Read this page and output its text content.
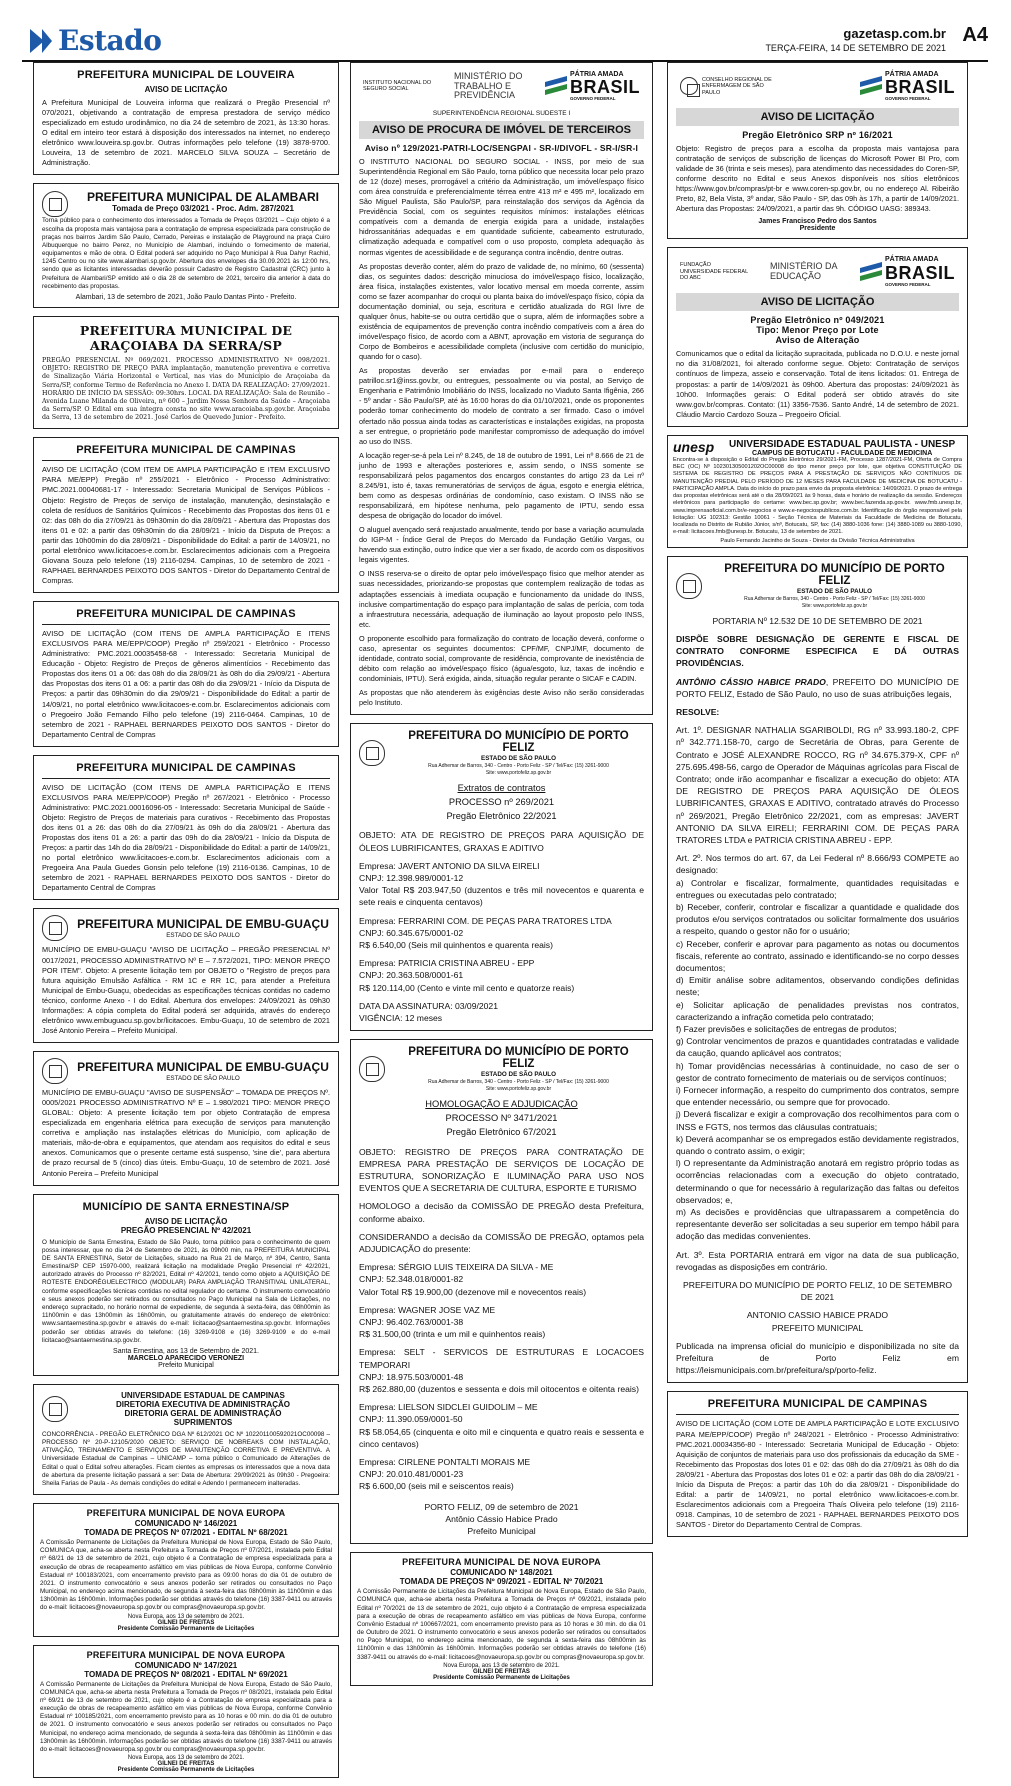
Estado	gazetasp.com.br
TERÇA-FEIRA, 14 DE SETEMBRO DE 2021
A4
PREFEITURA MUNICIPAL DE LOUVEIRA
AVISO DE LICITAÇÃO
A Prefeitura Municipal de Louveira informa que realizará o Pregão Presencial nº 070/2021, objetivando a contratação de empresa prestadora de serviço médico especializado em estudo urodinâmico, no dia 24 de setembro de 2021, às 13:30 horas. O edital em inteiro teor estará à disposição dos interessados na internet, no endereço eletrônico www.louveira.sp.gov.br. Outras informações pelo telefone (19) 3878-9700. Louveira, 13 de setembro de 2021. MARCELO SILVA SOUZA – Secretário de Administração.
PREFEITURA MUNICIPAL DE ALAMBARI
Tomada de Preço 03/2021 - Proc. Adm. 287/2021
Torna público para o conhecimento dos interessados a Tomada de Preços 03/2021 – Cujo objeto é a escolha da proposta mais vantajosa para a contratação de empresa especializada para construção de praças nos bairros Jardim São Paulo, Cerrado, Pereiras e instalação de Playground na praça Cuiro Albuquerque no bairro Perez, no Município de Alambari, incluindo o fornecimento de material, equipamentos e mão de obra. O Edital poderá ser adquirido no Paço Municipal à Rua Dahyr Rachid, 1245 Centro ou no site www.alambari.sp.gov.br. Abertura dos envelopes dia 30.09.2021 às 12:00 hrs, sendo que as licitantes interessadas deverão possuir Cadastro de Registro Cadastral (CRC) junto à Prefeitura de Alambari/SP emitido até o dia 28 de setembro de 2021, terceiro dia anterior à data do recebimento das propostas.
Alambari, 13 de setembro de 2021, João Paulo Dantas Pinto - Prefeito.
PREFEITURA MUNICIPAL DE ARAÇOIABA DA SERRA/SP
PREGÃO PRESENCIAL Nº 069/2021. PROCESSO ADMINISTRATIVO Nº 098/2021. OBJETO: REGISTRO DE PREÇO PARA implantação, manutenção preventiva e corretiva de Sinalização Viária Horizontal e Vertical, nas vias do Município de Araçoiaba da Serra/SP, conforme Termo de Referência no Anexo I. DATA DA REALIZAÇÃO: 27/09/2021. HORÁRIO DE INÍCIO DA SESSÃO: 09:30hrs. LOCAL DA REALIZAÇÃO: Sala de Reunião – Avenida Luane Milanda de Oliveira, nº 600 – Jardim Nossa Senhora da Saúde – Araçoiaba da Serra/SP. O Edital em sua íntegra consta no site www.aracoiaba.sp.gov.br. Araçoiaba da Serra, 13 de setembro de 2021. José Carlos de Quevedo Junior - Prefeito.
PREFEITURA MUNICIPAL DE CAMPINAS
AVISO DE LICITAÇÃO (COM ITEM DE AMPLA PARTICIPAÇÃO E ITEM EXCLUSIVO PARA ME/EPP) Pregão nº 255/2021 - Eletrônico - Processo Administrativo: PMC.2021.00040681-17 - Interessado: Secretaria Municipal de Serviços Públicos - Objeto: Registro de Preços de serviço de instalação, manutenção, desinstalação e coleta de resíduos de Sanitários Químicos - Recebimento das Propostas dos itens 01 e 02: das 08h do dia 27/09/21 às 09h30min do dia 28/09/21 - Abertura das Propostas dos itens 01 e 02: a partir das 09h30min do dia 28/09/21 - Início da Disputa de Preços: a partir das 10h00min do dia 28/09/21 - Disponibilidade do Edital: a partir de 14/09/21, no portal eletrônico www.licitacoes-e.com.br. Esclarecimentos adicionais com a Pregoeira Giovana Souza pelo telefone (19) 2116-0294. Campinas, 10 de setembro de 2021 - RAPHAEL BERNARDES PEIXOTO DOS SANTOS - Diretor do Departamento Central de Compras.
PREFEITURA MUNICIPAL DE CAMPINAS
AVISO DE LICITAÇÃO (COM ITENS DE AMPLA PARTICIPAÇÃO E ITENS EXCLUSIVOS PARA ME/EPP/COOP) Pregão nº 259/2021 - Eletrônico - Processo Administrativo: PMC.2021.00035458-68 - Interessado: Secretaria Municipal de Educação - Objeto: Registro de Preços de gêneros alimentícios - Recebimento das Propostas dos itens 01 a 06: das 08h do dia 28/09/21 às 08h do dia 29/09/21 - Abertura das Propostas dos itens 01 a 06: a partir das 08h do dia 29/09/21 - Início da Disputa de Preços: a partir das 09h30min do dia 29/09/21 - Disponibilidade do Edital: a partir de 14/09/21, no portal eletrônico www.licitacoes-e.com.br. Esclarecimentos adicionais com o Pregoeiro João Fernando Filho pelo telefone (19) 2116-0464. Campinas, 10 de setembro de 2021 - RAPHAEL BERNARDES PEIXOTO DOS SANTOS - Diretor do Departamento Central de Compras
PREFEITURA MUNICIPAL DE CAMPINAS
AVISO DE LICITAÇÃO (COM ITENS DE AMPLA PARTICIPAÇÃO E ITENS EXCLUSIVOS PARA ME/EPP/COOP) Pregão nº 267/2021 - Eletrônico - Processo Administrativo: PMC.2021.00016096-05 - Interessado: Secretaria Municipal de Saúde - Objeto: Registro de Preços de materiais para curativos - Recebimento das Propostas dos itens 01 a 26: das 08h do dia 27/09/21 às 09h do dia 28/09/21 - Abertura das Propostas dos itens 01 a 26: a partir das 09h do dia 28/09/21 - Início da Disputa de Preços: a partir das 14h do dia 28/09/21 - Disponibilidade do Edital: a partir de 14/09/21, no portal eletrônico www.licitacoes-e.com.br. Esclarecimentos adicionais com a Pregoeira Ana Paula Guedes Gonsin pelo telefone (19) 2116-0136. Campinas, 10 de setembro de 2021 - RAPHAEL BERNARDES PEIXOTO DOS SANTOS - Diretor do Departamento Central de Compras
PREFEITURA MUNICIPAL DE EMBU-GUAÇU
ESTADO DE SÃO PAULO
MUNICÍPIO DE EMBU-GUAÇU "AVISO DE LICITAÇÃO – PREGÃO PRESENCIAL Nº 0017/2021, PROCESSO ADMINISTRATIVO Nº E – 7.572/2021, TIPO: MENOR PREÇO POR ITEM". Objeto: A presente licitação tem por OBJETO o "Registro de preços para futura aquisição Emulsão Asfáltica - RM 1C e RR 1C, para atender a Prefeitura Municipal de Embu-Guaçu, obedecidas as especificações técnicas contidas no caderno técnico, conforme Anexo - I do Edital. Abertura dos envelopes: 24/09/2021 às 09h30 Informações: A cópia completa do Edital poderá ser adquirida, através do endereço eletrônico www.embuguacu.sp.gov.br/licitacoes. Embu-Guaçu, 10 de setembro de 2021 José Antonio Pereira – Prefeito Municipal.
PREFEITURA MUNICIPAL DE EMBU-GUAÇU
ESTADO DE SÃO PAULO
MUNICÍPIO DE EMBU-GUAÇU "AVISO DE SUSPENSÃO" – TOMADA DE PREÇOS Nº. 0005/2021 PROCESSO ADMINISTRATIVO Nº E – 1.980/2021 TIPO: MENOR PREÇO GLOBAL: Objeto: A presente licitação tem por objeto Contratação de empresa especializada em engenharia elétrica para execução de serviços para manutenção corretiva e ampliação nas instalações elétricas do Município, com aplicação de materiais, mão-de-obra e equipamentos, que atendam aos requisitos do edital e seus anexos. Comunicamos que o presente certame está suspenso, 'sine die', para abertura de prazo recursal de 5 (cinco) dias úteis. Embu-Guaçu, 10 de setembro de 2021. José Antonio Pereira – Prefeito Municipal
MUNICÍPIO DE SANTA ERNESTINA/SP
AVISO DE LICITAÇÃO
PREGÃO PRESENCIAL Nº 42/2021
O Município de Santa Ernestina, Estado de São Paulo, torna público para o conhecimento de quem possa interessar, que no dia 24 de Setembro de 2021, às 09h00 min, na PREFEITURA MUNICIPAL DE SANTA ERNESTINA, Setor de Licitações, situado na Rua 21 de Março, nº 394, Centro, Santa Ernestina/SP CEP 15970-000, realizará licitação na modalidade Pregão Presencial nº 42/2021, autorizado através do Processo nº 82/2021, Edital nº 42/2021, tendo como objeto a AQUISIÇÃO DE ROTESTE ENDORÉGUELECTRICO (MODULAR) PARA AMPLIAÇÃO TRANSITIVAL UNILATERAL, conforme especificações técnicas contidas no edital regulador do certame. O instrumento convocatório e seus anexos poderão ser retirados ou consultados no Paço Municipal na Sala de Licitações, no endereço supracitado, no horário normal de expediente, de segunda à sexta-feira, das 08h00min às 11h00min e das 13h00min às 16h00min, ou gratuitamente através do endereço de eletrônico: www.santaernestina.sp.gov.br e através do e-mail: licitacao@santaernestina.sp.gov.br. Informações poderão ser obtidas através do telefone: (16) 3269-9108 e (16) 3269-9109 e do e-mail licitacao@santaernestina.sp.gov.br.
Santa Ernestina, aos 13 de Setembro de 2021.
MARCELO APARECIDO VERONEZI
Prefeito Municipal
UNIVERSIDADE ESTADUAL DE CAMPINAS
DIRETORIA EXECUTIVA DE ADMINISTRAÇÃO
DIRETORIA GERAL DE ADMINISTRAÇÃO
SUPRIMENTOS
CONCORRÊNCIA - PREGÃO ELETRÔNICO DGA Nº 612/2021 OC Nº 102201100592021OC00098 – PROCESSO Nº 20-P-12105/2020 OBJETO: SERVIÇO DE NOBREAKS COM INSTALAÇÃO, ATIVAÇÃO, TREINAMENTO E SERVIÇOS DE MANUTENÇÃO CORRETIVA E PREVENTIVA. A Universidade Estadual de Campinas – UNICAMP – torna público o Comunicado de Alterações de Edital o qual o Edital sofreu alterações. Ficam cientes as empresas os interessados que a nova data de abertura da presente licitação passará a ser: Data de Abertura: 29/09/2021 às 09h30 - Pregoeira: Sheila Farias de Paula - As demais condições do edital e Adendo I permanecem inalteradas.
PREFEITURA MUNICIPAL DE NOVA EUROPA
COMUNICADO Nº 146/2021
TOMADA DE PREÇOS Nº 07/2021 - EDITAL Nº 68/2021
A Comissão Permanente de Licitações da Prefeitura Municipal de Nova Europa, Estado de São Paulo, COMUNICA que, acha-se aberta nesta Prefeitura a Tomada de Preços nº 07/2021, instalada pelo Edital nº 68/21 de 13 de setembro de 2021, cujo objeto é a Contratação de empresa especializada para a execução de obras de recapeamento asfáltico em vias públicas de Nova Europa, conforme Convênio Estadual nº 100183/2021, com encerramento previsto para as 09:00 horas do dia 01 de outubro de 2021. O instrumento convocatório e seus anexos poderão ser retirados ou consultados no Paço Municipal, no endereço acima mencionado, de segunda à sexta-feira das 08h00min às 11h00min e das 13h00min às 16h00min. Informações poderão ser obtidas através do telefone (16) 3387-9411 ou através do e-mail: licitacoes@novaeuropa.sp.gov.br ou compras@novaeuropa.sp.gov.br.
Nova Europa, aos 13 de setembro de 2021.
GILNEI DE FREITAS
Presidente Comissão Permanente de Licitações
PREFEITURA MUNICIPAL DE NOVA EUROPA
COMUNICADO Nº 147/2021
TOMADA DE PREÇOS Nº 08/2021 - EDITAL Nº 69/2021
A Comissão Permanente de Licitações da Prefeitura Municipal de Nova Europa, Estado de São Paulo, COMUNICA que, acha-se aberta nesta Prefeitura a Tomada de Preços nº 08/2021, instalada pelo Edital nº 69/21 de 13 de setembro de 2021, cujo objeto é a Contratação de empresa especializada para a execução de obras de recapeamento asfáltico em vias públicas de Nova Europa, conforme Convênio Estadual nº 100185/2021, com encerramento previsto para as 10 horas e 00 min. do dia 01 de outubro de 2021. O instrumento convocatório e seus anexos poderão ser retirados ou consultados no Paço Municipal, no endereço acima mencionado, de segunda à sexta-feira das 08h00min às 11h00min e das 13h00min às 16h00min. Informações poderão ser obtidas através do telefone (16) 3387-9411 ou através do e-mail: licitacoes@novaeuropa.sp.gov.br ou compras@novaeuropa.sp.gov.br.
Nova Europa, aos 13 de setembro de 2021.
GILNEI DE FREITAS
Presidente Comissão Permanente de Licitações
INSTITUTO NACIONAL DO SEGURO SOCIAL
MINISTÉRIO DO TRABALHO E PREVIDÊNCIA
PÁTRIA AMADA
BRASIL
GOVERNO FEDERAL
SUPERINTENDÊNCIA REGIONAL SUDESTE I
AVISO DE PROCURA DE IMÓVEL DE TERCEIROS
Aviso nº 129/2021-PATRI-LOC/SENGPAI - SR-I/DIVOFL - SR-I/SR-I
O INSTITUTO NACIONAL DO SEGURO SOCIAL - INSS, por meio de sua Superintendência Regional em São Paulo, torna público que necessita locar pelo prazo de 12 (doze) meses, prorrogável a critério da Administração, um imóvel/espaço físico com área construída e preferencialmente térrea entre 413 m² e 495 m², localizado em São Miguel Paulista, São Paulo/SP, para reinstalação dos serviços da Agência da Previdência Social, com os seguintes requisitos mínimos: instalações elétricas compatíveis com a demanda de energia exigida para a unidade, instalações hidrossanitárias adequadas e em quantidade suficiente, cabeamento estruturado, climatização adequada e compatível com o uso proposto, completa adequação às normas vigentes de acessibilidade e de segurança contra incêndio, dentre outras.
As propostas deverão conter, além do prazo de validade de, no mínimo, 60 (sessenta) dias, os seguintes dados: descrição minuciosa do imóvel/espaço físico, localização, área física, instalações existentes, valor locativo mensal em moeda corrente, assim como se fazer acompanhar do croqui ou planta baixa do imóvel/espaço físico, cópia da documentação dominial, ou seja, escritura e certidão atualizada do RGI livre de qualquer ônus, habite-se ou outra certidão que o supra, além de informações sobre a existência de equipamentos de prevenção contra incêndio compatíveis com a área do imóvel/espaço físico, de acordo com a ABNT, aprovação em vistoria de segurança do Corpo de Bombeiros e acessibilidade completa (inclusive com certidão do município, quando for o caso).
As propostas deverão ser enviadas por e-mail para o endereço patrilloc.sr1@inss.gov.br, ou entregues, pessoalmente ou via postal, ao Serviço de Engenharia e Patrimônio Imobiliário do INSS, localizado no Viaduto Santa Ifigênia, 266 - 5º andar - São Paulo/SP, até às 16:00 horas do dia 01/10/2021, onde os proponentes poderão tomar conhecimento do modelo de contrato a ser firmado. Caso o imóvel ofertado não possua ainda todas as características e instalações exigidas, na proposta a ser entregue, o proprietário pode manifestar compromisso de adequação do imóvel ao uso do INSS.
A locação reger-se-á pela Lei nº 8.245, de 18 de outubro de 1991, Lei nº 8.666 de 21 de junho de 1993 e alterações posteriores e, assim sendo, o INSS somente se responsabilizará pelos pagamentos dos encargos constantes do artigo 23 da Lei nº 8.245/91, isto é, taxas remuneratórias de serviços de água, esgoto e energia elétrica, bem como as despesas ordinárias de condomínio, caso existam. O INSS não se responsabilizará, em hipótese nenhuma, pelo pagamento de IPTU, sendo essa despesa de obrigação do locador do imóvel.
O aluguel avençado será reajustado anualmente, tendo por base a variação acumulada do IGP-M - Índice Geral de Preços do Mercado da Fundação Getúlio Vargas, ou havendo sua extinção, outro índice que vier a ser fixado, de acordo com os dispositivos legais vigentes.
O INSS reserva-se o direito de optar pelo imóvel/espaço físico que melhor atender as suas necessidades, priorizando-se propostas que contemplem realização de todas as adaptações essenciais à imediata ocupação e funcionamento da unidade do INSS, inclusive compartimentação do espaço para implantação de salas de perícia, com toda a infraestrutura necessária, adequação de iluminação ao layout proposto pelo INSS, etc.
O proponente escolhido para formalização do contrato de locação deverá, conforme o caso, apresentar os seguintes documentos: CPF/MF, CNPJ/MF, documento de identidade, contrato social, comprovante de residência, comprovante de inexistência de débito com relação ao imóvel/espaço físico (água/esgoto, luz, taxas de incêndio e condominiais, IPTU). Será exigida, ainda, situação regular perante o SICAF e CADIN.
As propostas que não atenderem às exigências deste Aviso não serão consideradas pelo Instituto.
PREFEITURA DO MUNICÍPIO DE PORTO FELIZ
ESTADO DE SÃO PAULO
Rua Adhemar de Barros, 340 - Centro - Porto Feliz - SP / Tel/Fax: (15) 3261-9000
Site: www.portofeliz.sp.gov.br
Extratos de contratos
PROCESSO nº 269/2021
Pregão Eletrônico 22/2021
OBJETO: ATA DE REGISTRO DE PREÇOS PARA AQUISIÇÃO DE ÓLEOS LUBRIFICANTES, GRAXAS E ADITIVO
Empresa: JAVERT ANTONIO DA SILVA EIRELI
CNPJ: 12.398.989/0001-12
Valor Total R$ 203.947,50 (duzentos e três mil novecentos e quarenta e sete reais e cinquenta centavos)
Empresa: FERRARINI COM. DE PEÇAS PARA TRATORES LTDA
CNPJ: 60.345.675/0001-02
R$ 6.540,00 (Seis mil quinhentos e quarenta reais)
Empresa: PATRICIA CRISTINA ABREU - EPP
CNPJ: 20.363.508/0001-61
R$ 120.114,00 (Cento e vinte mil cento e quatorze reais)
DATA DA ASSINATURA: 03/09/2021
VIGÊNCIA: 12 meses
PREFEITURA DO MUNICÍPIO DE PORTO FELIZ
ESTADO DE SÃO PAULO
Rua Adhemar de Barros, 340 - Centro - Porto Feliz - SP / Tel/Fax: (15) 3261-9000
Site: www.portofeliz.sp.gov.br
HOMOLOGAÇÃO E ADJUDICAÇÃO
PROCESSO Nº 3471/2021
Pregão Eletrônico 67/2021
OBJETO: REGISTRO DE PREÇOS PARA CONTRATAÇÃO DE EMPRESA PARA PRESTAÇÃO DE SERVIÇOS DE LOCAÇÃO DE ESTRUTURA, SONORIZAÇÃO E ILUMINAÇÃO PARA USO NOS EVENTOS QUE A SECRETARIA DE CULTURA, ESPORTE E TURISMO
HOMOLOGO a decisão da COMISSÃO DE PREGÃO desta Prefeitura, conforme abaixo.
CONSIDERANDO a decisão da COMISSÃO DE PREGÃO, optamos pela ADJUDICAÇÃO do presente:
Empresa: SÉRGIO LUIS TEIXEIRA DA SILVA - ME
CNPJ: 52.348.018/0001-82
Valor Total R$ 19.900,00 (dezenove mil e novecentos reais)
Empresa: WAGNER JOSE VAZ ME
CNPJ: 96.402.763/0001-38
R$ 31.500,00 (trinta e um mil e quinhentos reais)
Empresa: SELT - SERVICOS DE ESTRUTURAS E LOCACOES TEMPORARI
CNPJ: 18.975.503/0001-48
R$ 262.880,00 (duzentos e sessenta e dois mil oitocentos e oitenta reais)
Empresa: LIELSON SIDCLEI GUIDOLIM – ME
CNPJ: 11.390.059/0001-50
R$ 58.054,65 (cinquenta e oito mil e cinquenta e quatro reais e sessenta e cinco centavos)
Empresa: CIRLENE PONTALTI MORAIS ME
CNPJ: 20.010.481/0001-23
R$ 6.600,00 (seis mil e seiscentos reais)
PORTO FELIZ, 09 de setembro de 2021
Antônio Cássio Habice Prado
Prefeito Municipal
PREFEITURA MUNICIPAL DE NOVA EUROPA
COMUNICADO Nº 148/2021
TOMADA DE PREÇOS Nº 09/2021 - EDITAL Nº 70/2021
A Comissão Permanente de Licitações da Prefeitura Municipal de Nova Europa, Estado de São Paulo, COMUNICA que, acha-se aberta nesta Prefeitura a Tomada de Preços nº 09/2021, instalada pelo Edital nº 70/2021 de 13 de setembro de 2021, cujo objeto é a Contratação de empresa especializada para a execução de obras de recapeamento asfáltico em vias públicas de Nova Europa, conforme Convênio Estadual nº 100667/2021, com encerramento previsto para as 10 horas e 30 min. do dia 01 de Outubro de 2021. O instrumento convocatório e seus anexos poderão ser retirados ou consultados no Paço Municipal, no endereço acima mencionado, de segunda à sexta-feira das 08h00min às 11h00min e das 13h00min às 16h00min. Informações poderão ser obtidas através do telefone (16) 3387-9411 ou através do e-mail: licitacoes@novaeuropa.sp.gov.br ou compras@novaeuropa.sp.gov.br.
Nova Europa, aos 13 de setembro de 2021.
GILNEI DE FREITAS
Presidente Comissão Permanente de Licitações
CONSELHO REGIONAL DE ENFERMAGEM DE SÃO PAULO
PÁTRIA AMADA
BRASIL
GOVERNO FEDERAL
AVISO DE LICITAÇÃO
Pregão Eletrônico SRP nº 16/2021
Objeto: Registro de preços para a escolha da proposta mais vantajosa para contratação de serviços de subscrição de licenças do Microsoft Power BI Pro, com validade de 36 (trinta e seis meses), para atendimento das necessidades do Coren-SP, conforme descrito no Edital e seus Anexos disponíveis nos sítios eletrônicos https://www.gov.br/compras/pt-br e www.coren-sp.gov.br, ou no endereço Al. Ribeirão Preto, 82, Bela Vista, 3º andar, São Paulo - SP, das 09h às 17h, a partir de 14/09/2021. Abertura das Propostas: 24/09/2021, a partir das 9h. CÓDIGO UASG: 389343.
James Francisco Pedro dos Santos
Presidente
FUNDAÇÃO UNIVERSIDADE FEDERAL DO ABC
MINISTÉRIO DA EDUCAÇÃO
PÁTRIA AMADA
BRASIL
GOVERNO FEDERAL
AVISO DE LICITAÇÃO
Pregão Eletrônico nº 049/2021
Tipo: Menor Preço por Lote
Aviso de Alteração
Comunicamos que o edital da licitação supracitada, publicada no D.O.U. e neste jornal no dia 31/08/2021, foi alterado conforme segue. Objeto: Contratação de serviços contínuos de limpeza, asseio e conservação. Total de itens licitados: 01. Entrega de propostas: a partir de 14/09/2021 às 09h00. Abertura das propostas: 24/09/2021 às 10h00. Informações gerais: O Edital poderá ser obtido através do site www.gov.br/compras. Contato: (11) 3356-7536. Santo André, 14 de setembro de 2021. Cláudio Marcio Cardozo Souza – Pregoeiro Oficial.
unesp	UNIVERSIDADE ESTADUAL PAULISTA - UNESP
CAMPUS DE BOTUCATU - FACULDADE DE MEDICINA
Encontra-se à disposição o Edital do Pregão Eletrônico 29/2021-FM, Processo 1287/2021-FM, Oferta de Compra BEC (OC) Nº 102301305001202OC00008 do tipo menor preço por lote, que objetiva CONSTITUIÇÃO DE SISTEMA DE REGISTRO DE PREÇOS PARA A PRESTAÇÃO DE SERVIÇOS NÃO CONTÍNUOS DE MANUTENÇÃO PREDIAL PELO PERÍODO DE 12 MESES PARA FACULDADE DE MEDICINA DE BOTUCATU - PARTICIPAÇÃO AMPLA. Data do início do prazo para envio da proposta eletrônica: 14/09/2021. O prazo de entrega das propostas eletrônicas será até o dia 28/09/2021 às 9 horas, data e horário de realização da sessão. Endereços eletrônicos para participação do certame: www.bec.sp.gov.br; www.bec.fazenda.sp.gov.br. www.fmb.unesp.br, www.imprensaoficial.com.br/e-negocios e www.e-negociospublicos.com.br. Identificação do órgão responsável pela licitação: UG 102313: Gestão 10061 - Seção Técnica de Materiais da Faculdade de Medicina de Botucatu, localizada no Distrito de Rubião Júnior, s/nº, Botucatu, SP, fax: (14) 3880-1036 fone: (14) 3880-1089 ou 3880-1090, e-mail: licitacoes.fmb@unesp.br. Botucatu, 13 de setembro de 2021.
Paulo Fernando Jacintho de Souza - Diretor da Divisão Técnica Administrativa
PREFEITURA DO MUNICÍPIO DE PORTO FELIZ
ESTADO DE SÃO PAULO
Rua Adhemar de Barros, 340 - Centro - Porto Feliz - SP / Tel/Fax: (15) 3261-9000
Site: www.portofeliz.sp.gov.br
PORTARIA Nº 12.532 DE 10 DE SETEMBRO DE 2021
DISPÕE SOBRE DESIGNAÇÃO DE GERENTE E FISCAL DE CONTRATO CONFORME ESPECIFICA E DÁ OUTRAS PROVIDÊNCIAS.
ANTÔNIO CÁSSIO HABICE PRADO, PREFEITO DO MUNICÍPIO DE PORTO FELIZ, Estado de São Paulo, no uso de suas atribuições legais,
RESOLVE:
Art. 1º. DESIGNAR NATHALIA SGARIBOLDI, RG nº 33.993.180-2, CPF nº 342.771.158-70, cargo de Secretária de Obras, para Gerente de Contrato e JOSÉ ALEXANDRE ROCCO, RG nº 34.675.379-X, CPF nº 275.695.498-56, cargo de Operador de Máquinas agrícolas para Fiscal de Contrato; onde irão acompanhar e fiscalizar a execução do objeto: ATA DE REGISTRO DE PREÇOS PARA AQUISIÇÃO DE ÓLEOS LUBRIFICANTES, GRAXAS E ADITIVO, contratado através do Processo nº 269/2021, Pregão Eletrônico 22/2021, com as empresas: JAVERT ANTONIO DA SILVA EIRELI; FERRARINI COM. DE PEÇAS PARA TRATORES LTDA e PATRICIA CRISTINA ABREU - EPP.
Art. 2º. Nos termos do art. 67, da Lei Federal nº 8.666/93 COMPETE ao designado:
a) Controlar e fiscalizar, formalmente, quantidades requisitadas e entregues ou executadas pelo contratado;
b) Receber, conferir, controlar e fiscalizar a quantidade e qualidade dos produtos e/ou serviços contratados ou solicitar formalmente dos usuários a respeito, quando o gestor não for o usuário;
c) Receber, conferir e aprovar para pagamento as notas ou documentos fiscais, referente ao contrato, assinado e identificando-se no corpo desses documentos;
d) Emitir análise sobre aditamentos, observando condições definidas neste;
e) Solicitar aplicação de penalidades previstas nos contratos, caracterizando a infração cometida pelo contratado;
f) Fazer previsões e solicitações de entregas de produtos;
g) Controlar vencimentos de prazos e quantidades contratadas e validade da caução, quando aplicável aos contratos;
h) Tomar providências necessárias à continuidade, no caso de ser o gestor de contrato fornecimento de materiais ou de serviços contínuos;
i) Fornecer informação, a respeito do cumprimento dos contratos, sempre que entender necessário, ou sempre que for provocado.
j) Deverá fiscalizar e exigir a comprovação dos recolhimentos para com o INSS e FGTS, nos termos das cláusulas contratuais;
k) Deverá acompanhar se os empregados estão devidamente registrados, quando o contrato assim, o exigir;
l) O representante da Administração anotará em registro próprio todas as ocorrências relacionadas com a execução do objeto contratado, determinando o que for necessário à regularização das faltas ou defeitos observados; e,
m) As decisões e providências que ultrapassarem a competência do representante deverão ser solicitadas a seu superior em tempo hábil para adoção das medidas convenientes.
Art. 3º. Esta PORTARIA entrará em vigor na data de sua publicação, revogadas as disposições em contrário.
PREFEITURA DO MUNICÍPIO DE PORTO FELIZ, 10 DE SETEMBRO DE 2021
ANTONIO CASSIO HABICE PRADO
PREFEITO MUNICIPAL
Publicada na imprensa oficial do município e disponibilizada no site da Prefeitura de Porto Feliz em https://leismunicipais.com.br/prefeitura/sp/porto-feliz.
PREFEITURA MUNICIPAL DE CAMPINAS
AVISO DE LICITAÇÃO (COM LOTE DE AMPLA PARTICIPAÇÃO E LOTE EXCLUSIVO PARA ME/EPP/COOP) Pregão nº 248/2021 - Eletrônico - Processo Administrativo: PMC.2021.00034356-80 - Interessado: Secretaria Municipal de Educação - Objeto: Aquisição de conjuntos de materiais para uso dos profissionais da educação da SME - Recebimento das Propostas dos lotes 01 e 02: das 08h do dia 27/09/21 às 08h do dia 28/09/21 - Abertura das Propostas dos lotes 01 e 02: a partir das 08h do dia 28/09/21 - Início da Disputa de Preços: a partir das 10h do dia 28/09/21 - Disponibilidade do Edital: a partir de 14/09/21, no portal eletrônico www.licitacoes-e.com.br. Esclarecimentos adicionais com a Pregoeira Thaís Oliveira pelo telefone (19) 2116-0918. Campinas, 10 de setembro de 2021 - RAPHAEL BERNARDES PEIXOTO DOS SANTOS - Diretor do Departamento Central de Compras.
